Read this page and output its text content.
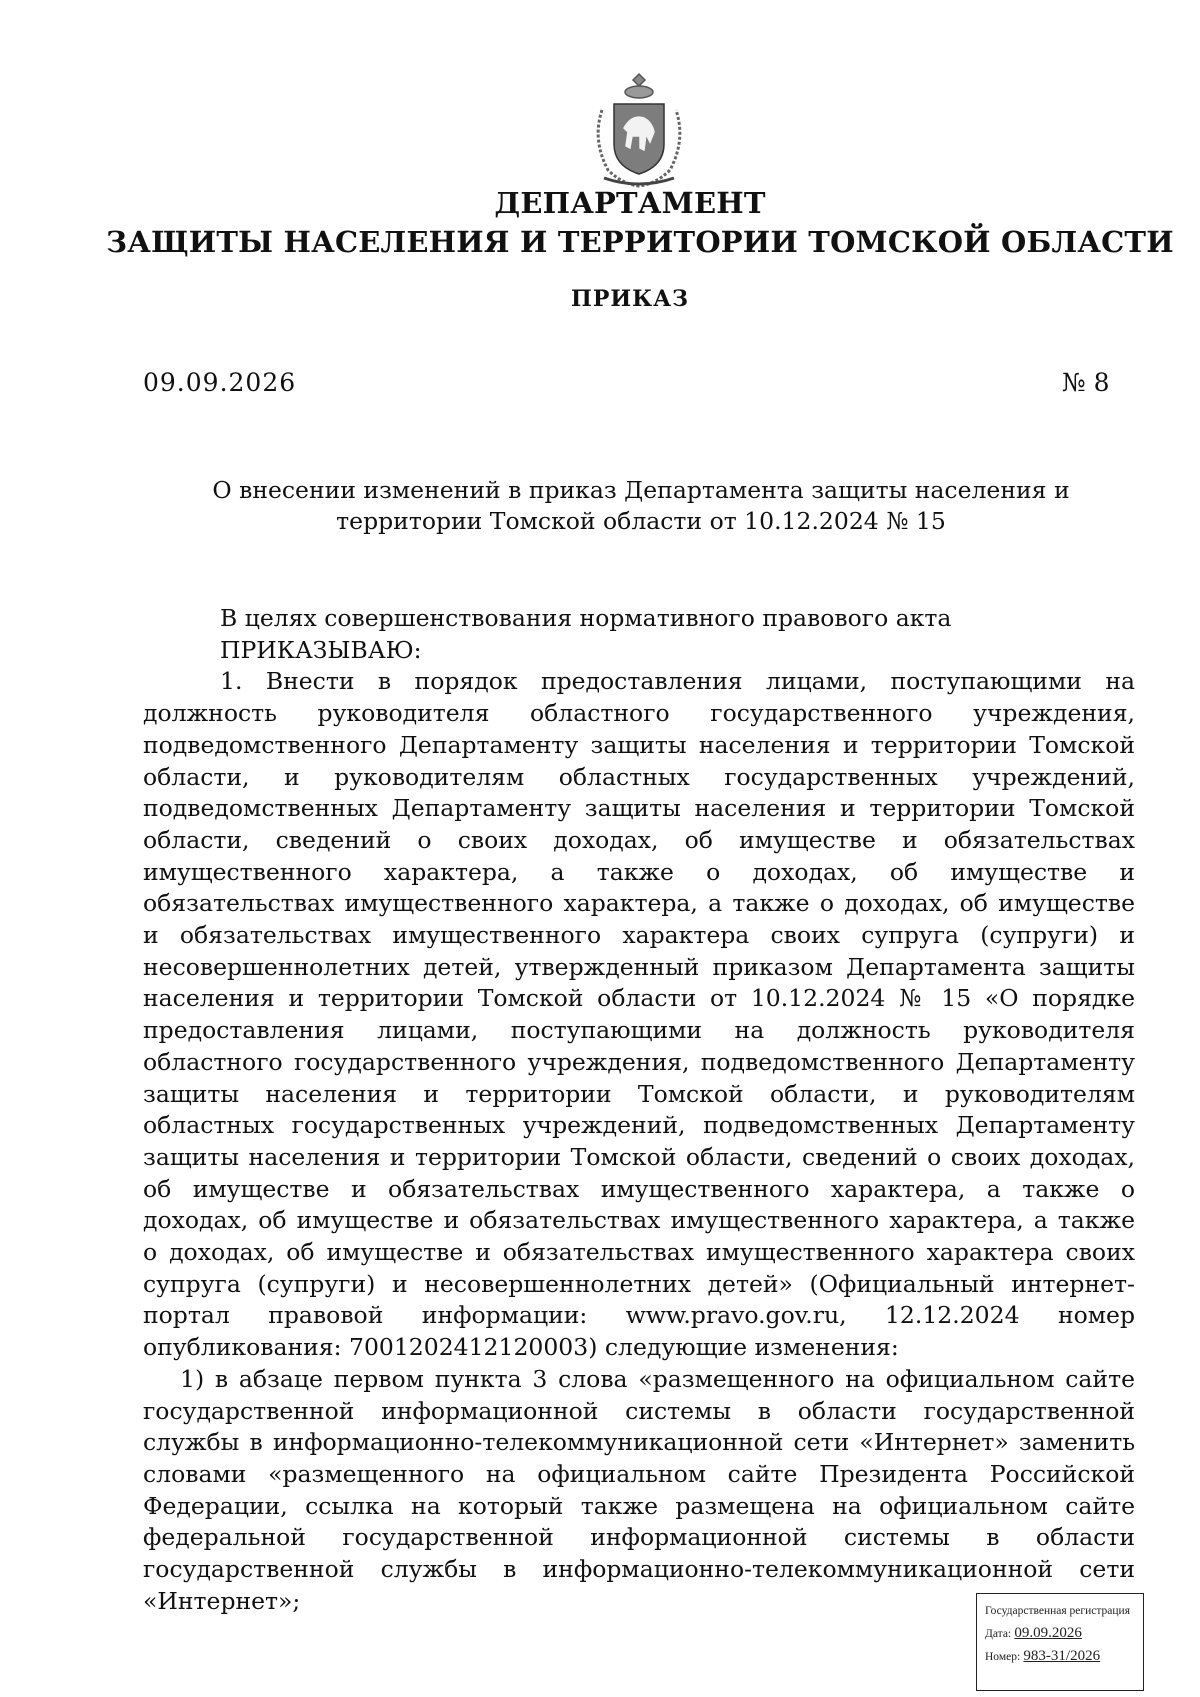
ДЕПАРТАМЕНТ
ЗАЩИТЫ НАСЕЛЕНИЯ И ТЕРРИТОРИИ ТОМСКОЙ ОБЛАСТИ
ПРИКАЗ
09.09.2026	№ 8
О внесении изменений в приказ Департамента защиты населения и территории Томской области от 10.12.2024 № 15

В целях совершенствования нормативного правового акта

ПРИКАЗЫВАЮ:

1. Внести в порядок предоставления лицами, поступающими на должность руководителя областного государственного учреждения, подведомственного Департаменту защиты населения и территории Томской области, и руководителям областных государственных учреждений, подведомственных Департаменту защиты населения и территории Томской области, сведений о своих доходах, об имуществе и обязательствах имущественного характера, а также о доходах, об имуществе и обязательствах имущественного характера, а также о доходах, об имуществе и обязательствах имущественного характера своих супруга (супруги) и несовершеннолетних детей, утвержденный приказом Департамента защиты населения и территории Томской области от 10.12.2024 № 15 «О порядке предоставления лицами, поступающими на должность руководителя областного государственного учреждения, подведомственного Департаменту защиты населения и территории Томской области, и руководителям областных государственных учреждений, подведомственных Департаменту защиты населения и территории Томской области, сведений о своих доходах, об имуществе и обязательствах имущественного характера, а также о доходах, об имуществе и обязательствах имущественного характера, а также о доходах, об имуществе и обязательствах имущественного характера своих супруга (супруги) и несовершеннолетних детей» (Официальный интернет-портал правовой информации: www.pravo.gov.ru, 12.12.2024 номер опубликования: 7001202412120003) следующие изменения:

1) в абзаце первом пункта 3 слова «размещенного на официальном сайте государственной информационной системы в области государственной службы в информационно-телекоммуникационной сети «Интернет» заменить словами «размещенного на официальном сайте Президента Российской Федерации, ссылка на который также размещена на официальном сайте федеральной государственной информационной системы в области государственной службы в информационно-телекоммуникационной сети «Интернет»;	Государственная регистрация
Дата: 09.09.2026
Номер: 983-31/2026
